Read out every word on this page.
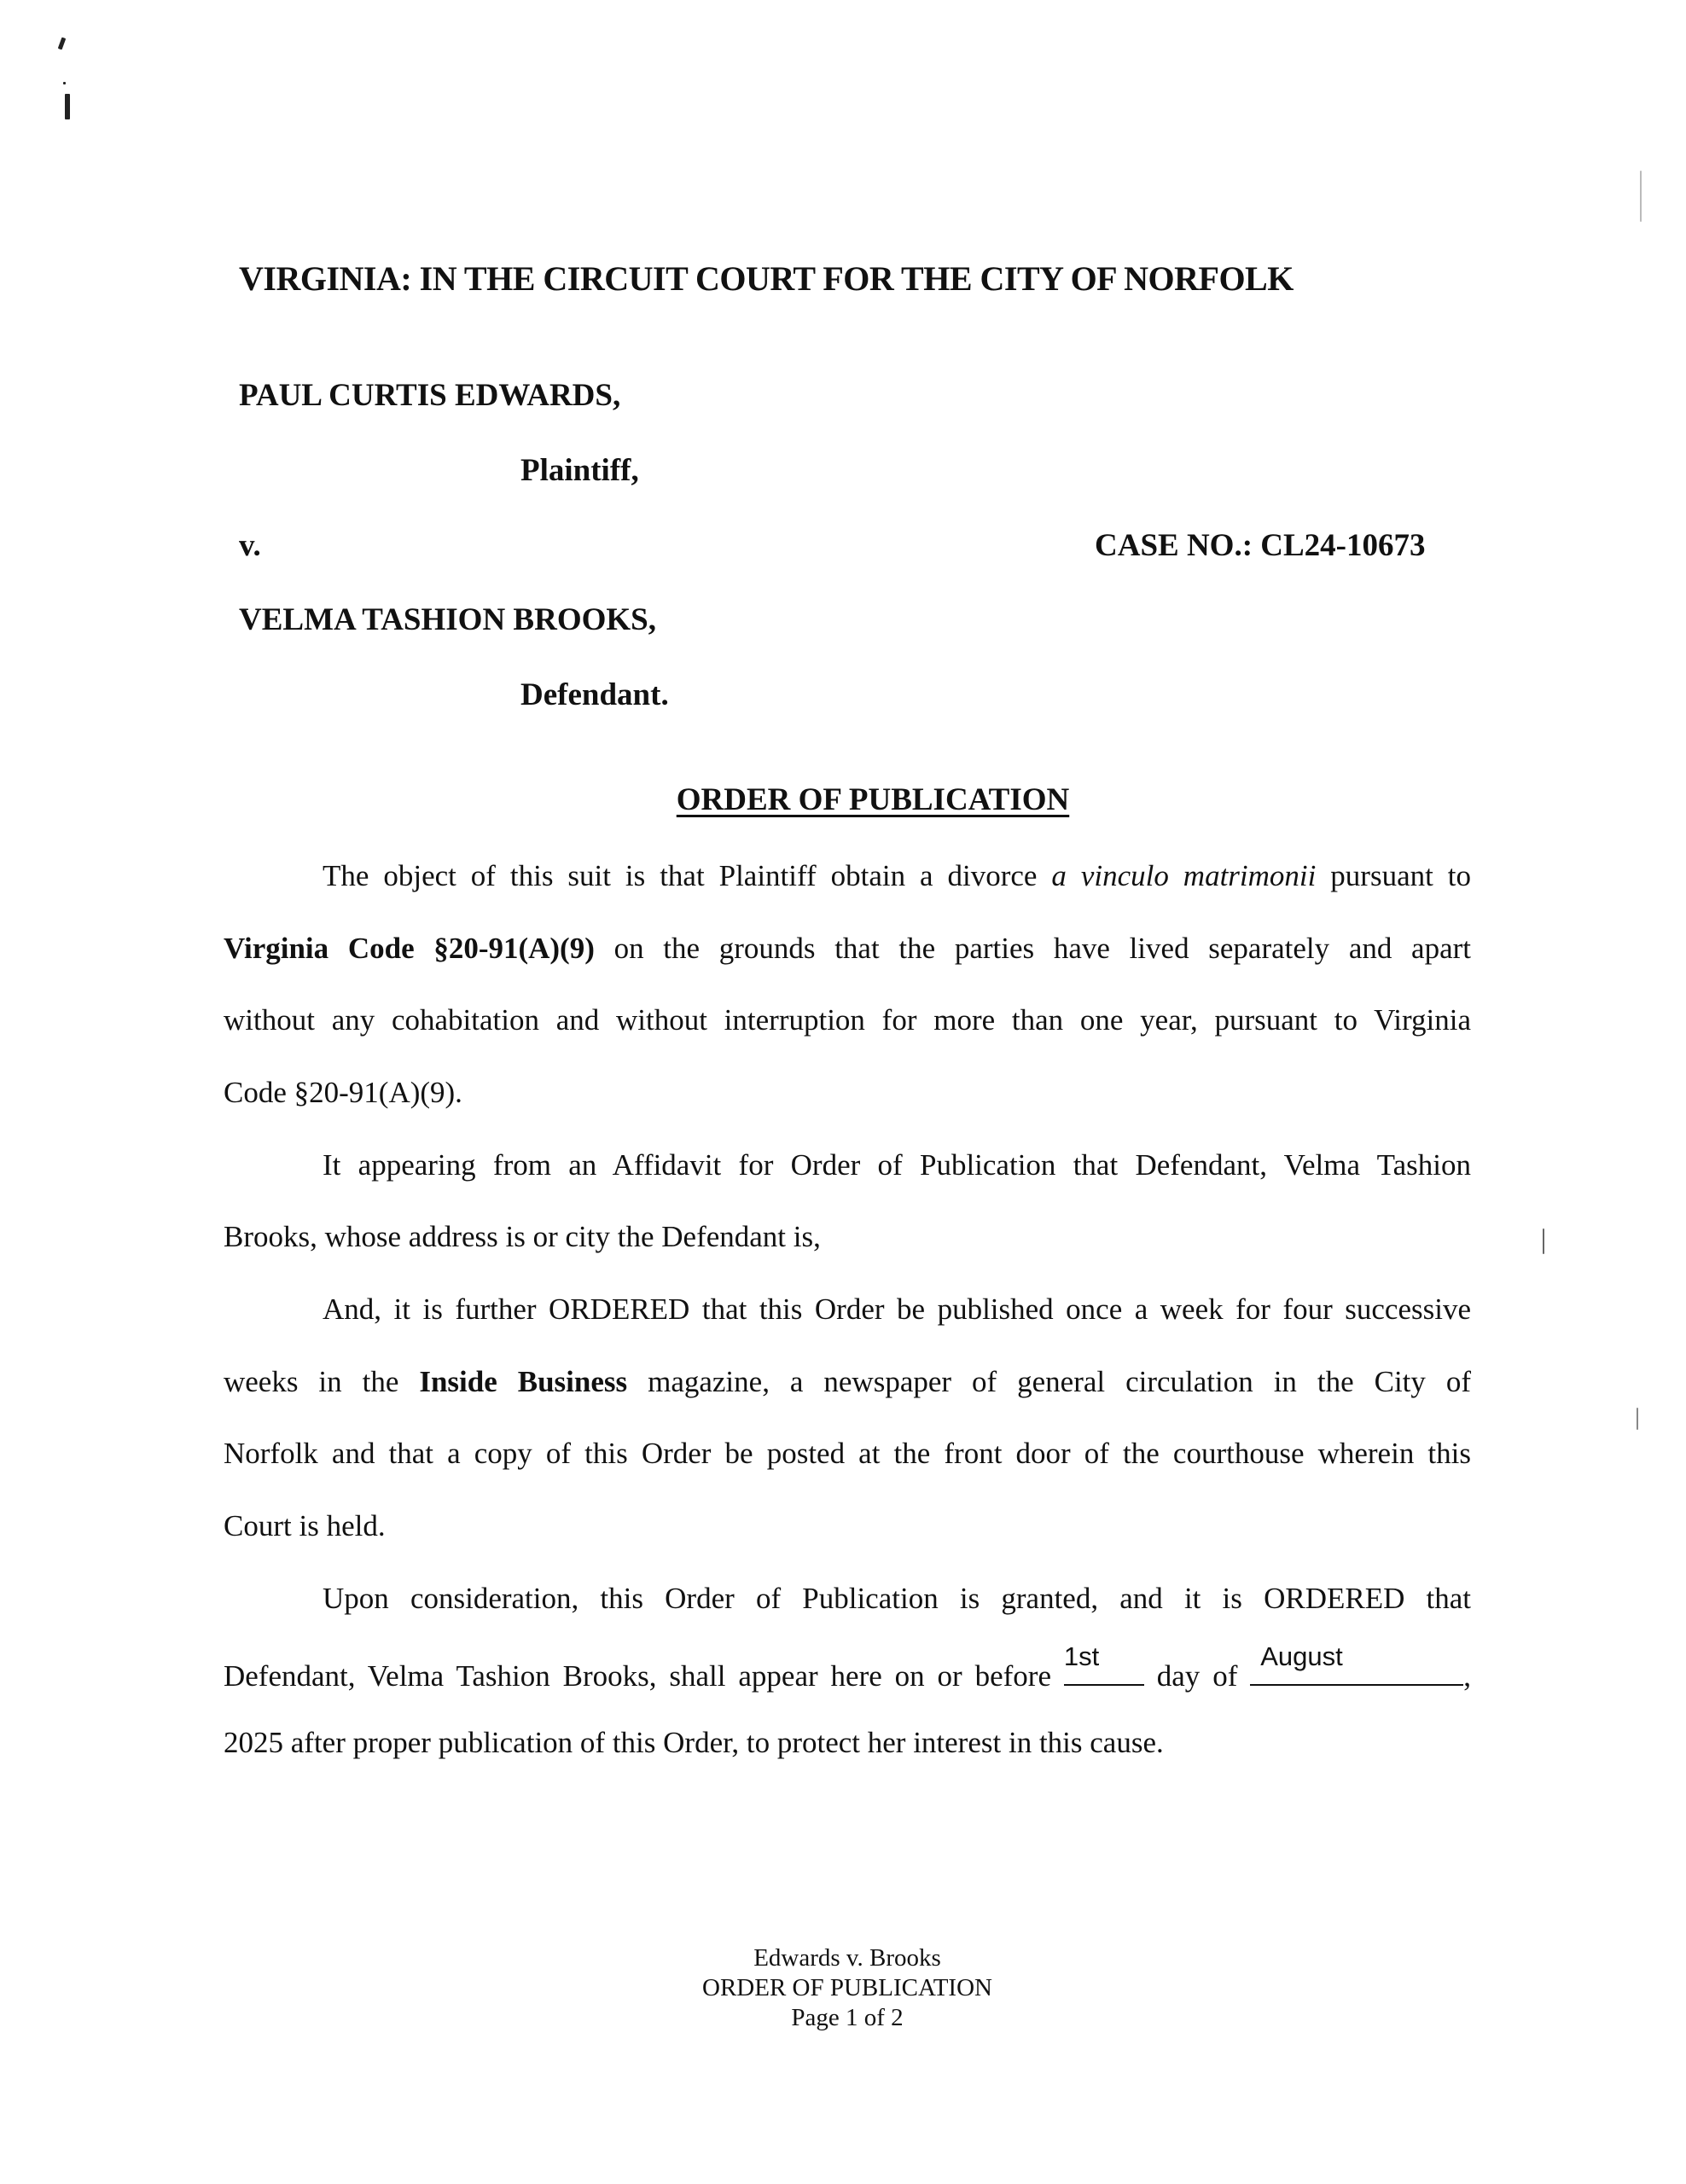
VIRGINIA: IN THE CIRCUIT COURT FOR THE CITY OF NORFOLK
PAUL CURTIS EDWARDS,
Plaintiff,
v.	CASE NO.: CL24-10673
VELMA TASHION BROOKS,
Defendant.
ORDER OF PUBLICATION
The object of this suit is that Plaintiff obtain a divorce a vinculo matrimonii pursuant to
Virginia Code §20-91(A)(9) on the grounds that the parties have lived separately and apart
without any cohabitation and without interruption for more than one year, pursuant to Virginia
Code §20-91(A)(9).
It appearing from an Affidavit for Order of Publication that Defendant, Velma Tashion
Brooks, whose address is or city the Defendant is,
And, it is further ORDERED that this Order be published once a week for four successive
weeks in the Inside Business magazine, a newspaper of general circulation in the City of
Norfolk and that a copy of this Order be posted at the front door of the courthouse wherein this
Court is held.
Upon consideration, this Order of Publication is granted, and it is ORDERED that
Defendant, Velma Tashion Brooks, shall appear here on or before
1st
day of
August
,
2025 after proper publication of this Order, to protect her interest in this cause.
Edwards v. Brooks
ORDER OF PUBLICATION
Page 1 of 2
